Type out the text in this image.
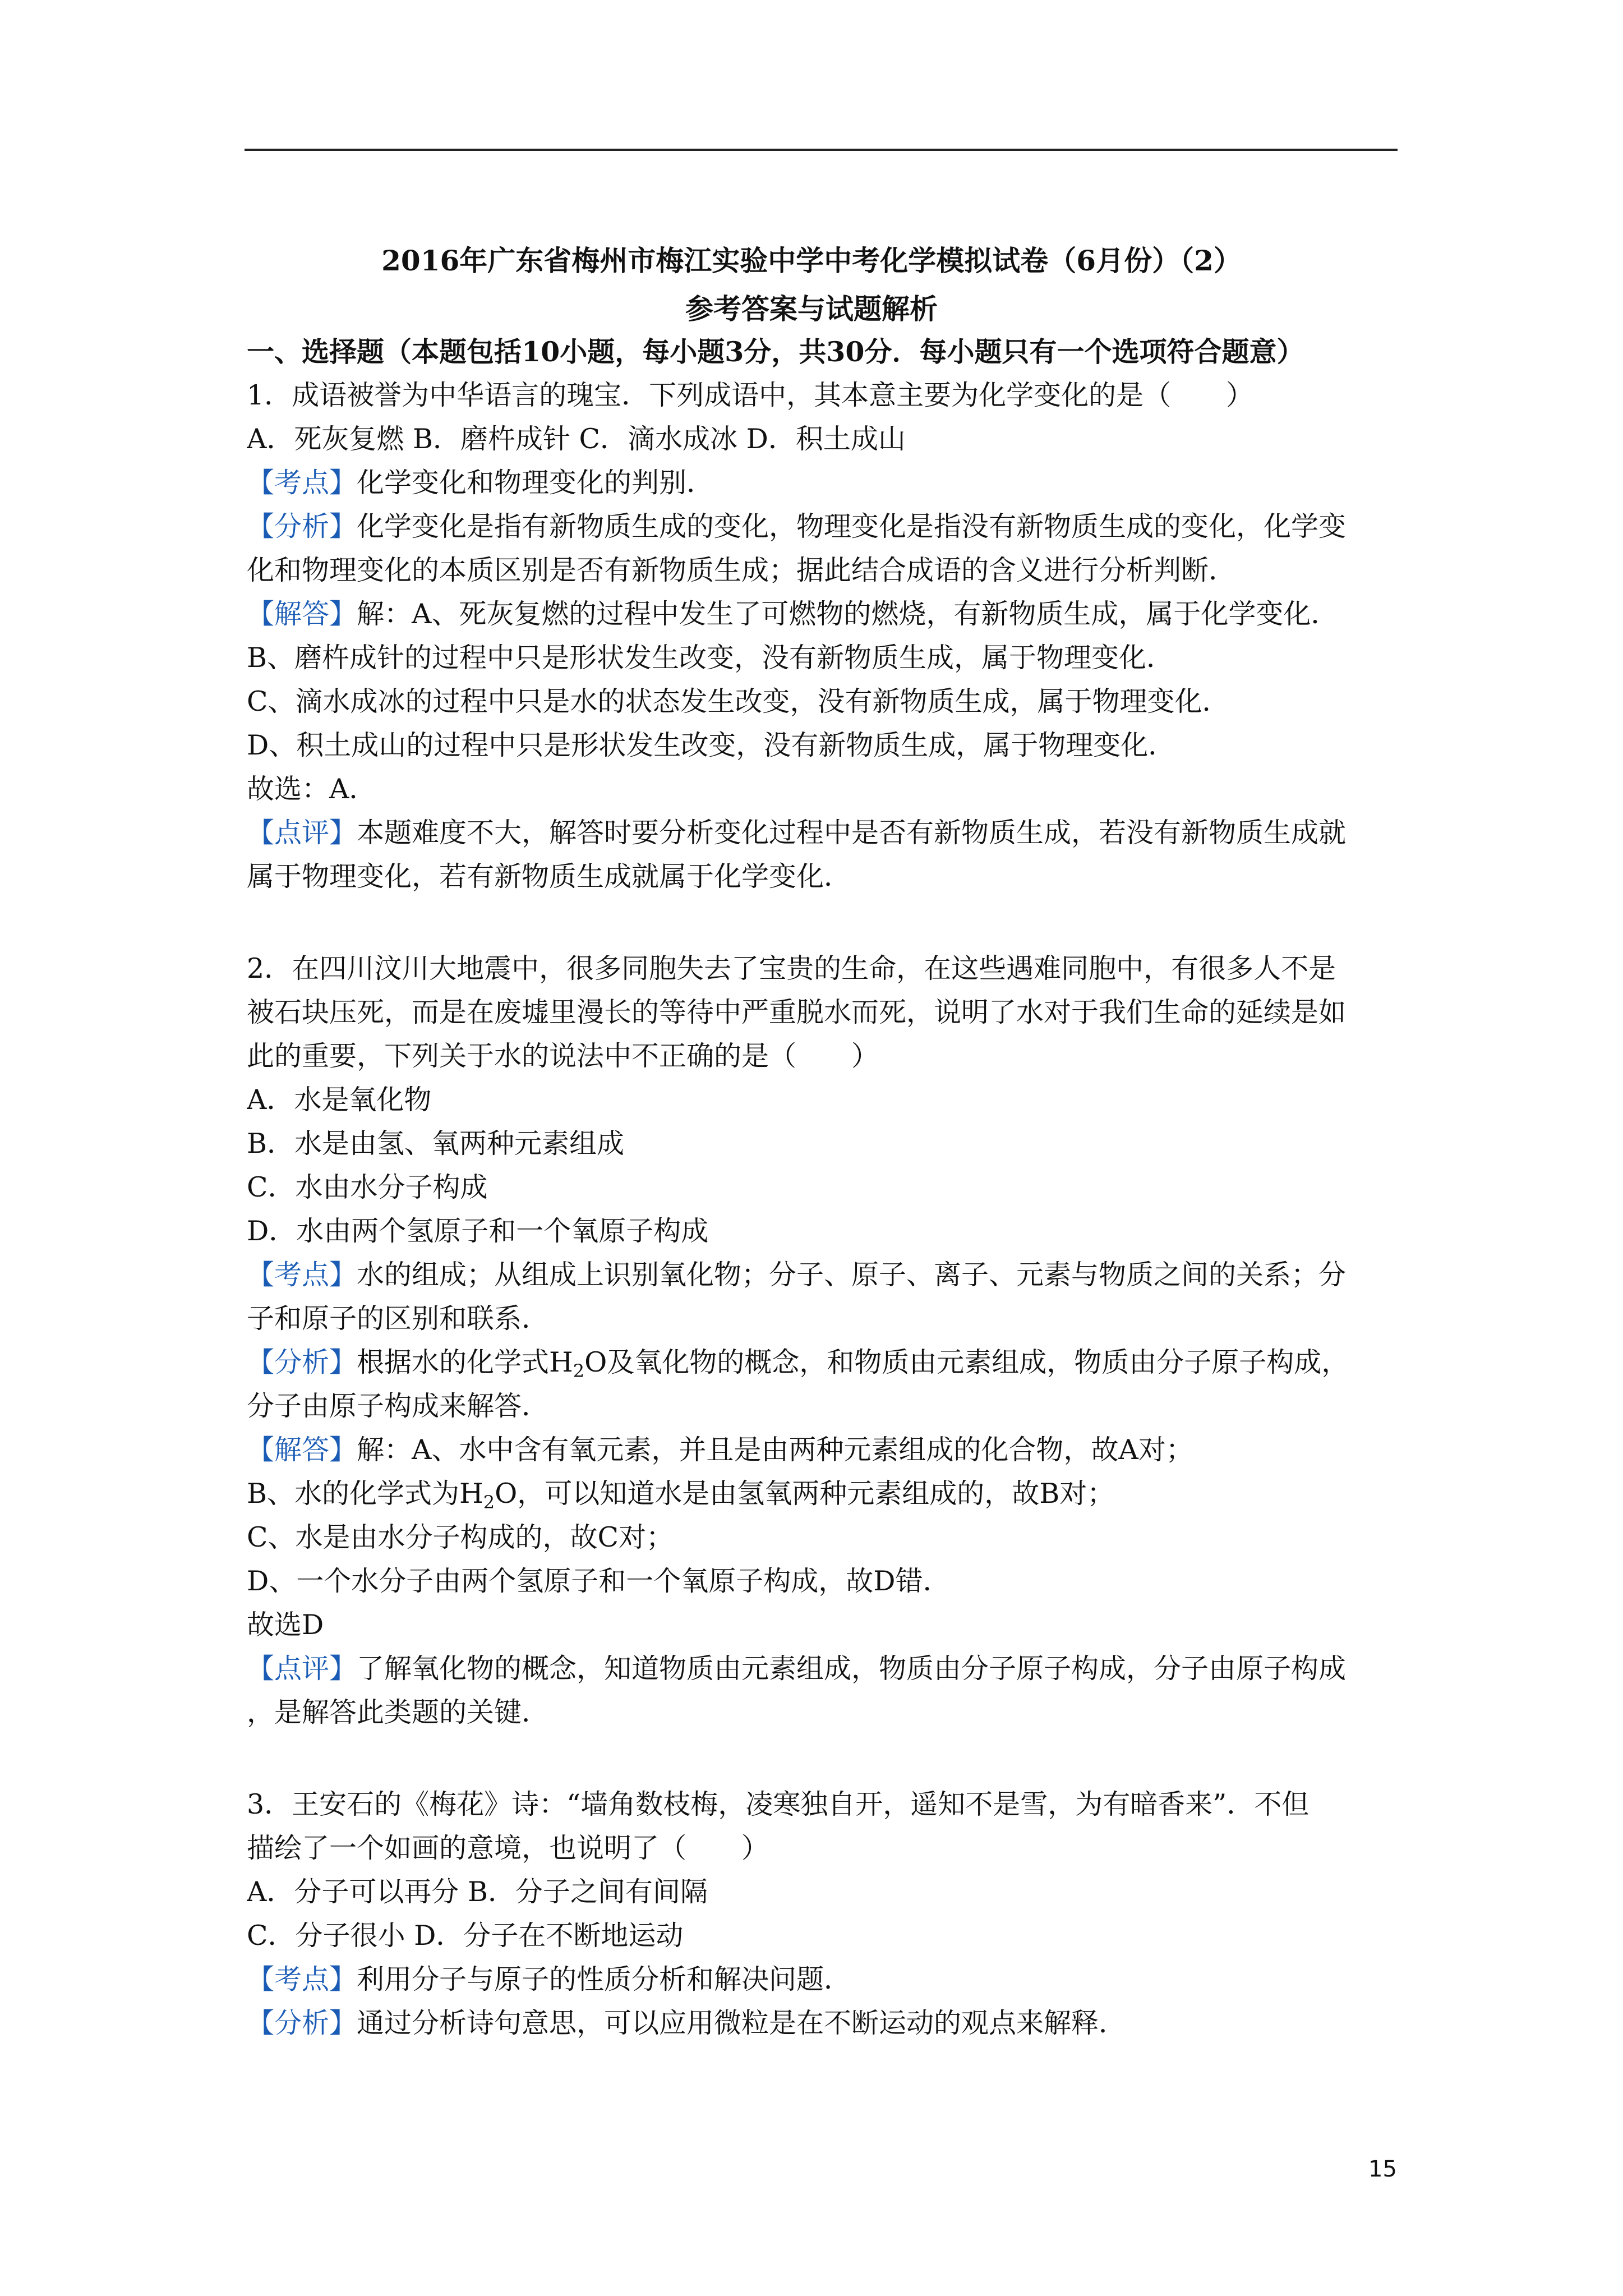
2016年广东省梅州市梅江实验中学中考化学模拟试卷（6月份）（2）
参考答案与试题解析
一、选择题（本题包括10小题，每小题3分，共30分．每小题只有一个选项符合题意）
1．成语被誉为中华语言的瑰宝．下列成语中，其本意主要为化学变化的是（　　）
A．死灰复燃 B．磨杵成针 C．滴水成冰 D．积土成山
【考点】化学变化和物理变化的判别．
【分析】化学变化是指有新物质生成的变化，物理变化是指没有新物质生成的变化，化学变
化和物理变化的本质区别是否有新物质生成；据此结合成语的含义进行分析判断．
【解答】解：A、死灰复燃的过程中发生了可燃物的燃烧，有新物质生成，属于化学变化．
B、磨杵成针的过程中只是形状发生改变，没有新物质生成，属于物理变化．
C、滴水成冰的过程中只是水的状态发生改变，没有新物质生成，属于物理变化．
D、积土成山的过程中只是形状发生改变，没有新物质生成，属于物理变化．
故选：A．
【点评】本题难度不大，解答时要分析变化过程中是否有新物质生成，若没有新物质生成就
属于物理变化，若有新物质生成就属于化学变化．
2．在四川汶川大地震中，很多同胞失去了宝贵的生命，在这些遇难同胞中，有很多人不是
被石块压死，而是在废墟里漫长的等待中严重脱水而死，说明了水对于我们生命的延续是如
此的重要，下列关于水的说法中不正确的是（　　）
A．水是氧化物
B．水是由氢、氧两种元素组成
C．水由水分子构成
D．水由两个氢原子和一个氧原子构成
【考点】水的组成；从组成上识别氧化物；分子、原子、离子、元素与物质之间的关系；分
子和原子的区别和联系．
【分析】根据水的化学式$H_2O$及氧化物的概念，和物质由元素组成，物质由分子原子构成，
分子由原子构成来解答．
【解答】解：A、水中含有氧元素，并且是由两种元素组成的化合物，故A对；
B、水的化学式为$H_2O$，可以知道水是由氢氧两种元素组成的，故B对；
C、水是由水分子构成的，故C对；
D、一个水分子由两个氢原子和一个氧原子构成，故D错．
故选D
【点评】了解氧化物的概念，知道物质由元素组成，物质由分子原子构成，分子由原子构成
，是解答此类题的关键．
3．王安石的《梅花》诗：“墙角数枝梅，凌寒独自开，遥知不是雪，为有暗香来”．不但
描绘了一个如画的意境，也说明了（　　）
A．分子可以再分 B．分子之间有间隔
C．分子很小 D．分子在不断地运动
【考点】利用分子与原子的性质分析和解决问题．
【分析】通过分析诗句意思，可以应用微粒是在不断运动的观点来解释．
15
